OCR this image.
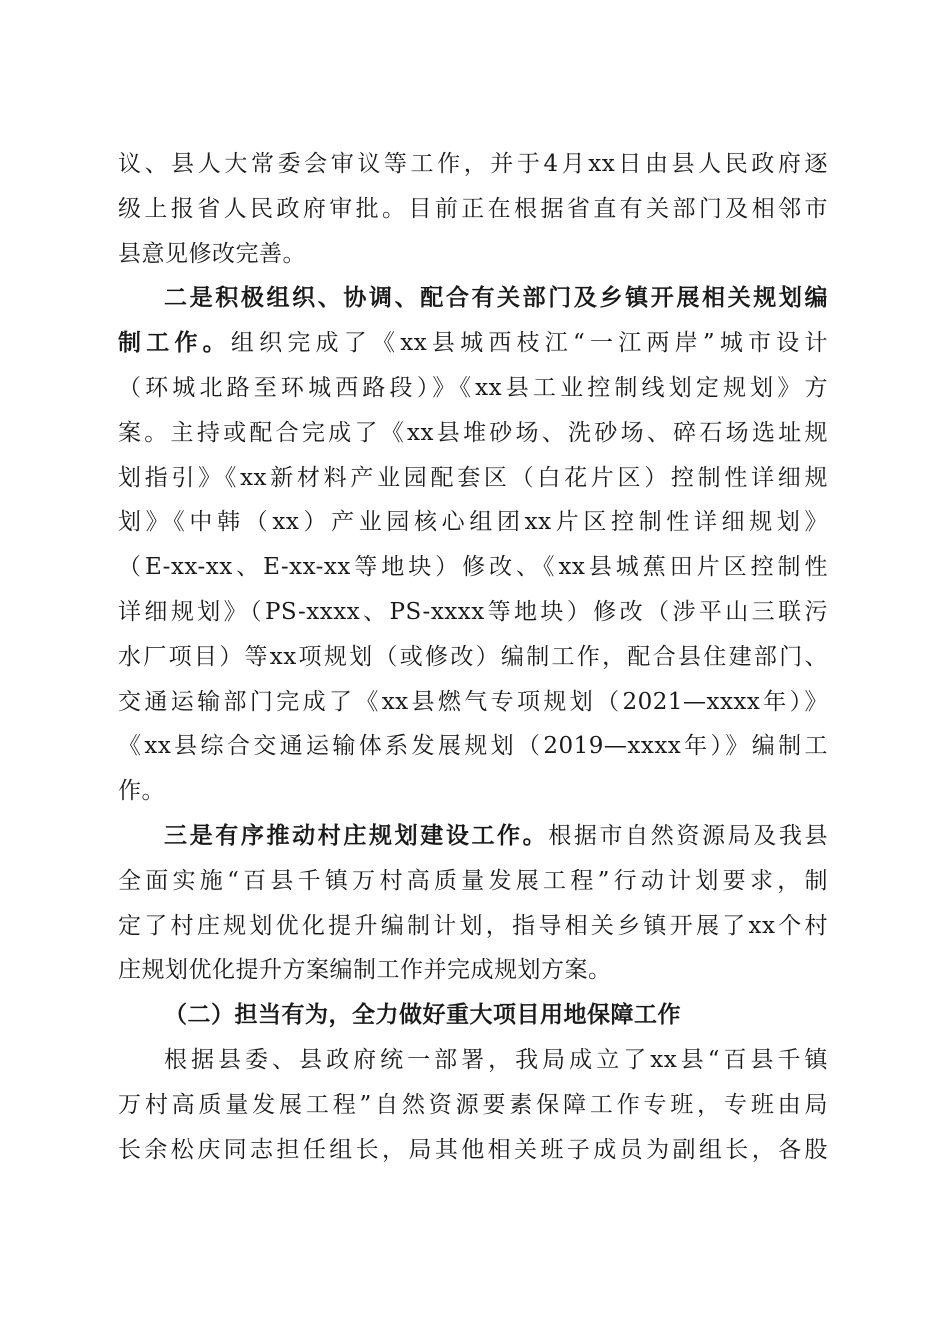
议、县人大常委会审议等工作，并于4月xx日由县人民政府逐
级上报省人民政府审批。目前正在根据省直有关部门及相邻市
县意见修改完善。
二是积极组织、协调、配合有关部门及乡镇开展相关规划编
制工作。组织完成了《xx县城西枝江“一江两岸”城市设计
（环城北路至环城西路段）》《xx县工业控制线划定规划》方
案。主持或配合完成了《xx县堆砂场、洗砂场、碎石场选址规
划指引》《xx新材料产业园配套区（白花片区）控制性详细规
划》《中韩（xx）产业园核心组团xx片区控制性详细规划》
（E-xx-xx、E-xx-xx等地块）修改、《xx县城蕉田片区控制性
详细规划》（PS-xxxx、PS-xxxx等地块）修改（涉平山三联污
水厂项目）等xx项规划（或修改）编制工作，配合县住建部门、
交通运输部门完成了《xx县燃气专项规划（2021—xxxx年）》
《xx县综合交通运输体系发展规划（2019—xxxx年）》编制工
作。
三是有序推动村庄规划建设工作。根据市自然资源局及我县
全面实施“百县千镇万村高质量发展工程”行动计划要求，制
定了村庄规划优化提升编制计划，指导相关乡镇开展了xx个村
庄规划优化提升方案编制工作并完成规划方案。
（二）担当有为，全力做好重大项目用地保障工作
根据县委、县政府统一部署，我局成立了xx县“百县千镇
万村高质量发展工程”自然资源要素保障工作专班，专班由局
长余松庆同志担任组长，局其他相关班子成员为副组长，各股
